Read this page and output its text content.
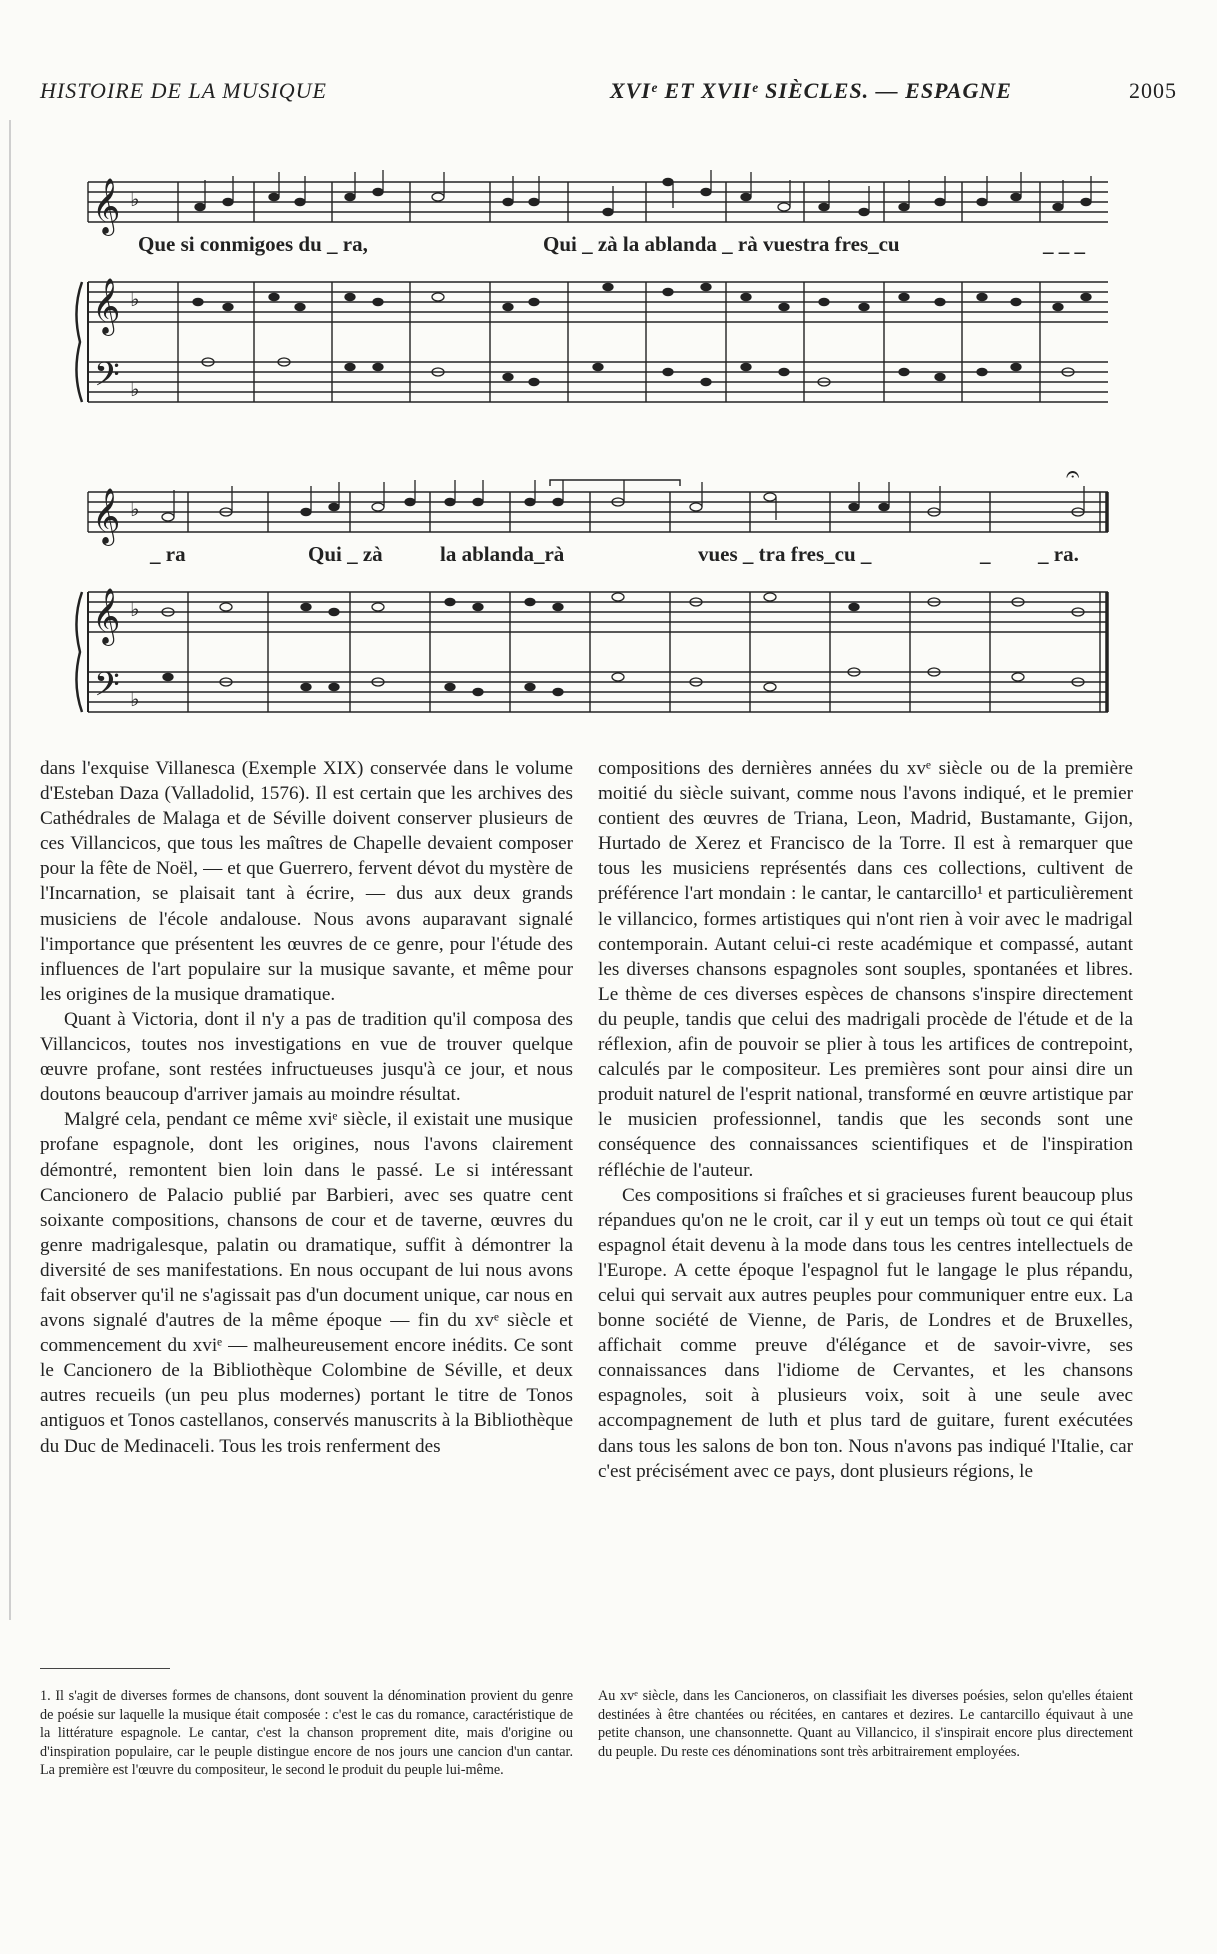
HISTOIRE DE LA MUSIQUE	XVIᵉ ET XVIIᵉ SIÈCLES. — ESPAGNE	2005
𝄞
𝄞
𝄢
♭
♭
♭
Que si conmigoes du _ ra,	Qui _ zà la ablanda _ rà vuestra fres_cu	_ _ _
𝄞
𝄞
𝄢
♭
♭
♭
𝄐
_ ra	Qui _ zà	la ablanda_rà	vues _ tra fres_cu _	_ _ ra.

dans l'exquise Villanesca (Exemple XIX) conservée dans le volume d'Esteban Daza (Valladolid, 1576). Il est certain que les archives des Cathédrales de Malaga et de Séville doivent conserver plusieurs de ces Villancicos, que tous les maîtres de Chapelle devaient composer pour la fête de Noël, — et que Guerrero, fervent dévot du mystère de l'Incarnation, se plaisait tant à écrire, — dus aux deux grands musiciens de l'école andalouse. Nous avons auparavant signalé l'importance que présentent les œuvres de ce genre, pour l'étude des influences de l'art populaire sur la musique savante, et même pour les origines de la musique dramatique.

Quant à Victoria, dont il n'y a pas de tradition qu'il composa des Villancicos, toutes nos investigations en vue de trouver quelque œuvre profane, sont restées infructueuses jusqu'à ce jour, et nous doutons beaucoup d'arriver jamais au moindre résultat.

Malgré cela, pendant ce même xviᵉ siècle, il existait une musique profane espagnole, dont les origines, nous l'avons clairement démontré, remontent bien loin dans le passé. Le si intéressant Cancionero de Palacio publié par Barbieri, avec ses quatre cent soixante compositions, chansons de cour et de taverne, œuvres du genre madrigalesque, palatin ou dramatique, suffit à démontrer la diversité de ses manifestations. En nous occupant de lui nous avons fait observer qu'il ne s'agissait pas d'un document unique, car nous en avons signalé d'autres de la même époque — fin du xvᵉ siècle et commencement du xviᵉ — malheureusement encore inédits. Ce sont le Cancionero de la Bibliothèque Colombine de Séville, et deux autres recueils (un peu plus modernes) portant le titre de Tonos antiguos et Tonos castellanos, conservés manuscrits à la Bibliothèque du Duc de Medinaceli. Tous les trois renferment des

compositions des dernières années du xvᵉ siècle ou de la première moitié du siècle suivant, comme nous l'avons indiqué, et le premier contient des œuvres de Triana, Leon, Madrid, Bustamante, Gijon, Hurtado de Xerez et Francisco de la Torre. Il est à remarquer que tous les musiciens représentés dans ces collections, cultivent de préférence l'art mondain : le cantar, le cantarcillo¹ et particulièrement le villancico, formes artistiques qui n'ont rien à voir avec le madrigal contemporain. Autant celui-ci reste académique et compassé, autant les diverses chansons espagnoles sont souples, spontanées et libres. Le thème de ces diverses espèces de chansons s'inspire directement du peuple, tandis que celui des madrigali procède de l'étude et de la réflexion, afin de pouvoir se plier à tous les artifices de contrepoint, calculés par le compositeur. Les premières sont pour ainsi dire un produit naturel de l'esprit national, transformé en œuvre artistique par le musicien professionnel, tandis que les seconds sont une conséquence des connaissances scientifiques et de l'inspiration réfléchie de l'auteur.

Ces compositions si fraîches et si gracieuses furent beaucoup plus répandues qu'on ne le croit, car il y eut un temps où tout ce qui était espagnol était devenu à la mode dans tous les centres intellectuels de l'Europe. A cette époque l'espagnol fut le langage le plus répandu, celui qui servait aux autres peuples pour communiquer entre eux. La bonne société de Vienne, de Paris, de Londres et de Bruxelles, affichait comme preuve d'élégance et de savoir-vivre, ses connaissances dans l'idiome de Cervantes, et les chansons espagnoles, soit à plusieurs voix, soit à une seule avec accompagnement de luth et plus tard de guitare, furent exécutées dans tous les salons de bon ton. Nous n'avons pas indiqué l'Italie, car c'est précisément avec ce pays, dont plusieurs régions, le

1. Il s'agit de diverses formes de chansons, dont souvent la dénomination provient du genre de poésie sur laquelle la musique était composée : c'est le cas du romance, caractéristique de la littérature espagnole. Le cantar, c'est la chanson proprement dite, mais d'origine ou d'inspiration populaire, car le peuple distingue encore de nos jours une cancion d'un cantar. La première est l'œuvre du compositeur, le second le produit du peuple lui-même.
Au xvᵉ siècle, dans les Cancioneros, on classifiait les diverses poésies, selon qu'elles étaient destinées à être chantées ou récitées, en cantares et dezires. Le cantarcillo équivaut à une petite chanson, une chansonnette. Quant au Villancico, il s'inspirait encore plus directement du peuple. Du reste ces dénominations sont très arbitrairement employées.
